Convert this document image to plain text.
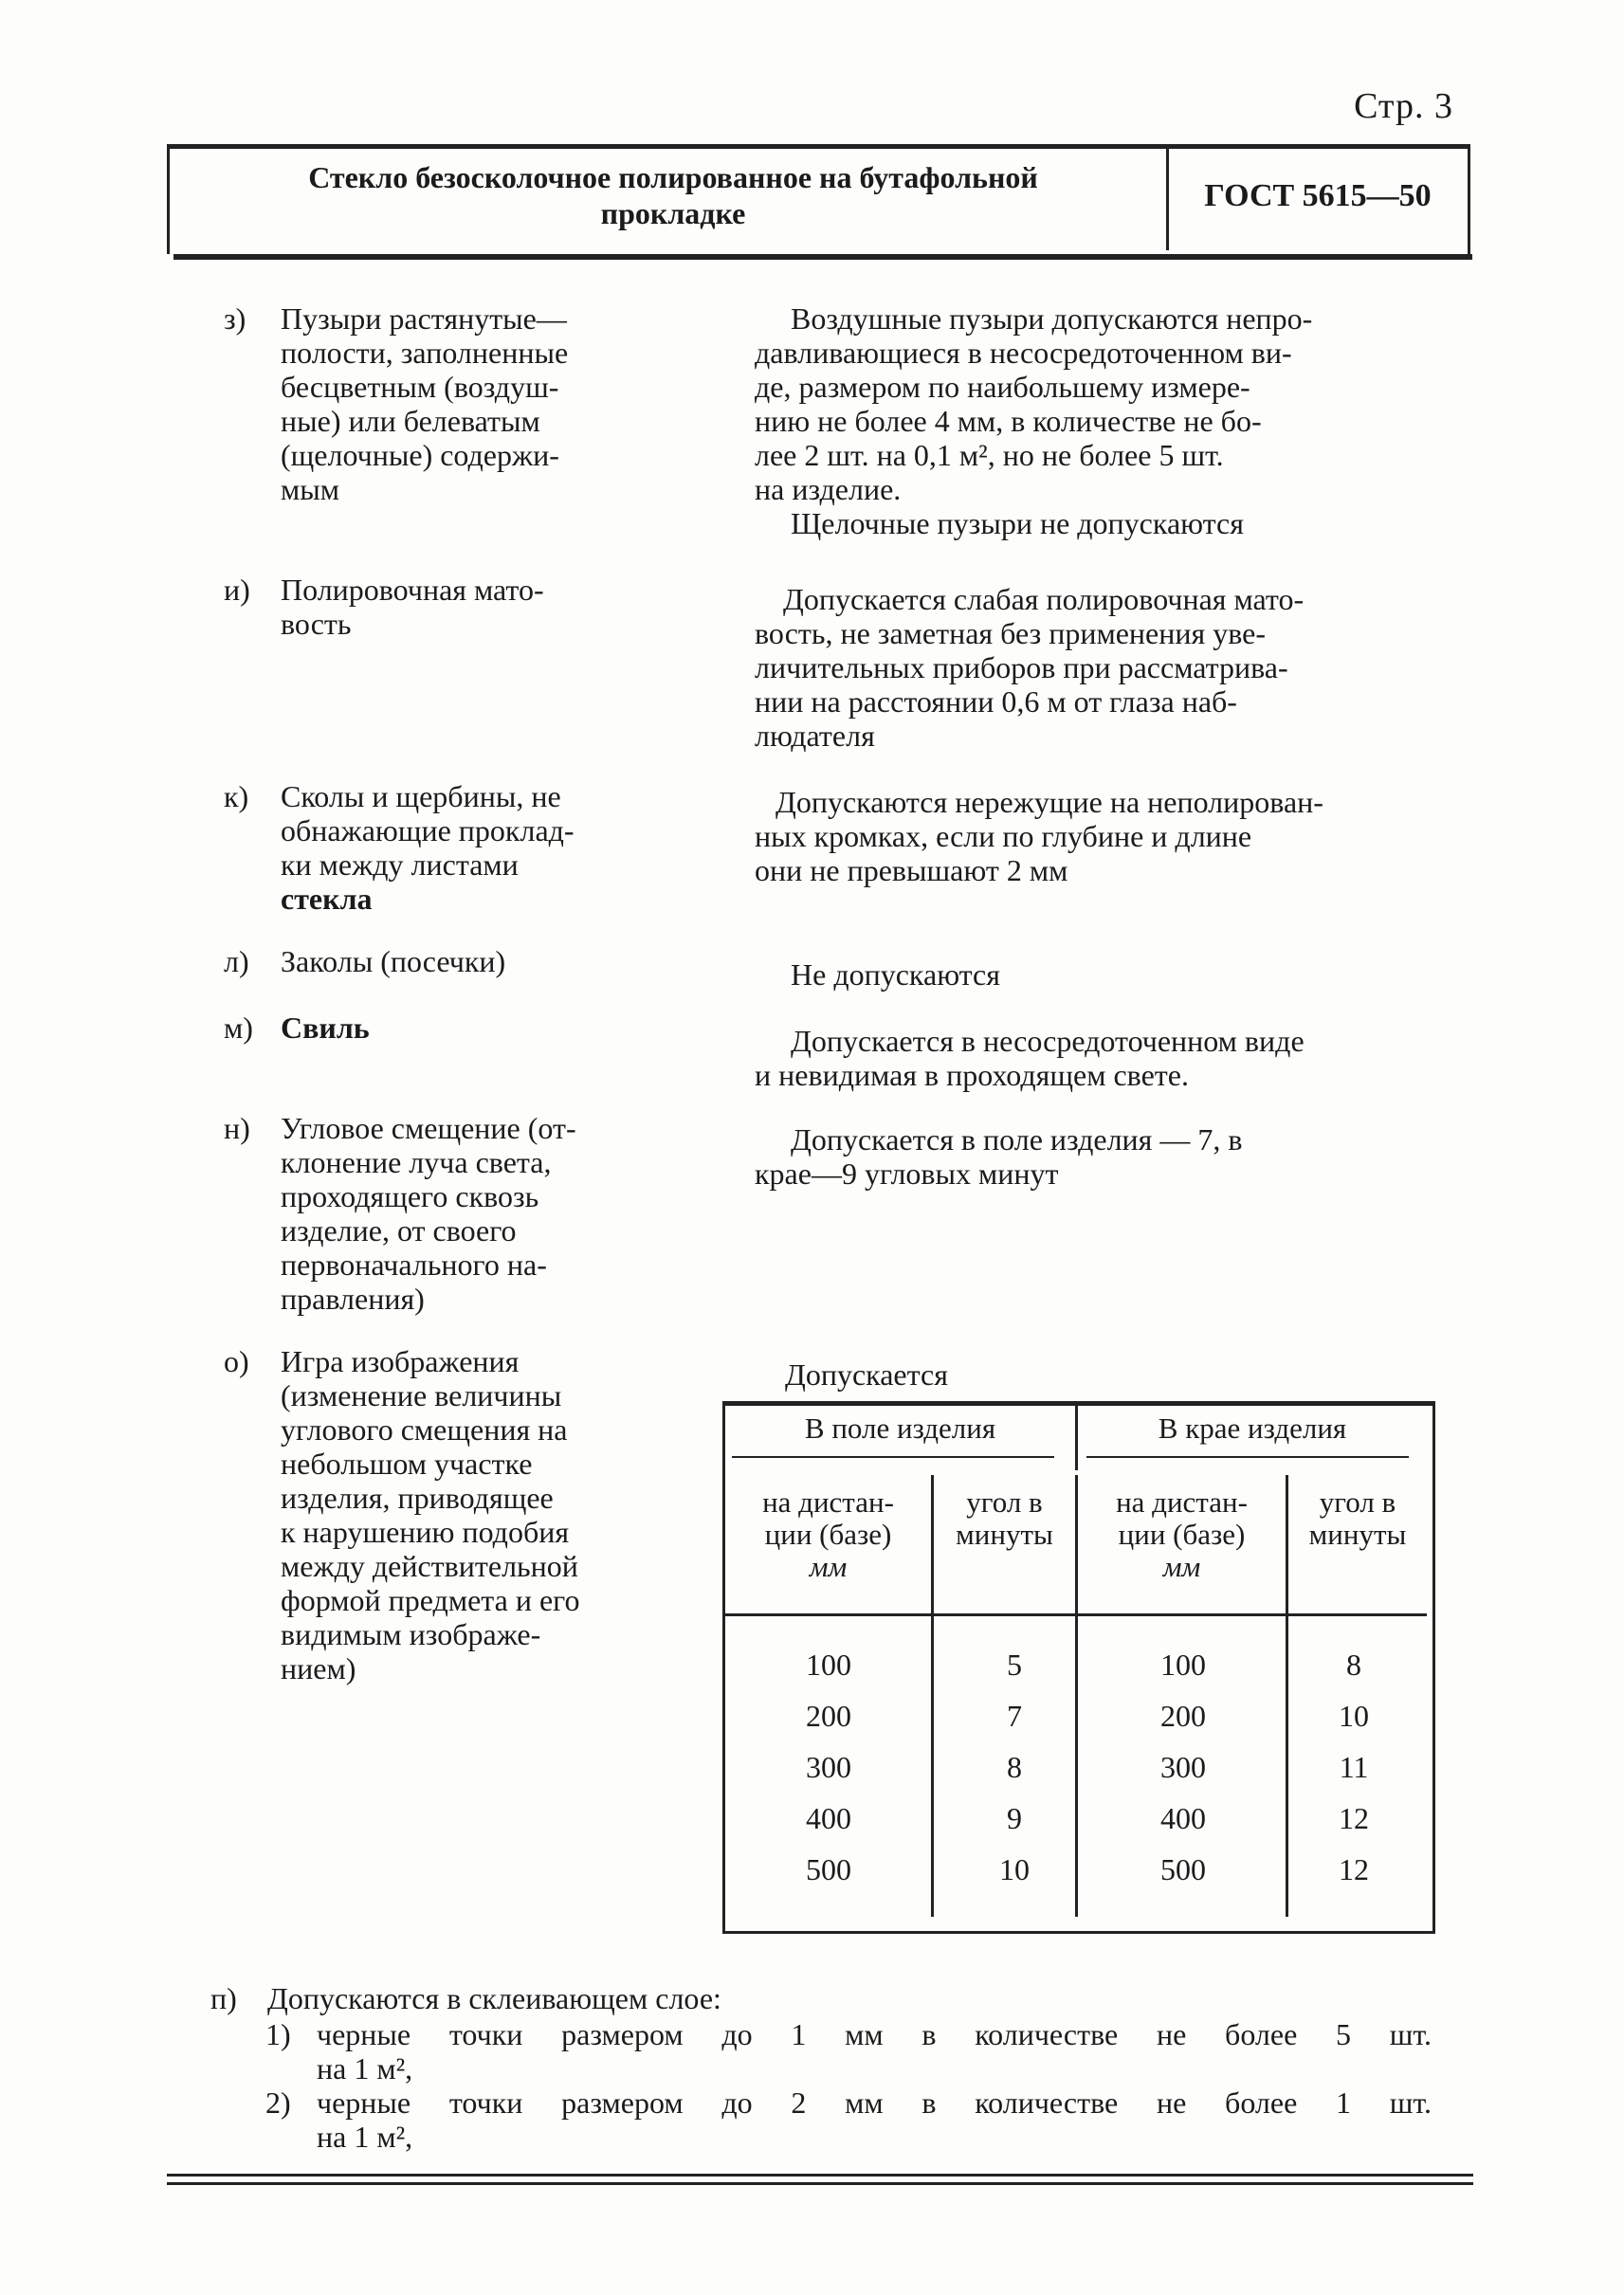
Стр. 3
Стекло безосколочное полированное на бутафольной
прокладке	ГОСТ 5615—50
з) Пузыри растянутые—
полости, заполненные
бесцветным (воздуш-
ные) или белеватым
(щелочные) содержи-
мым
Воздушные пузыри допускаются непро-
давливающиеся в несосредоточенном ви-
де, размером по наибольшему измере-
нию не более 4 мм, в количестве не бо-
лее 2 шт. на 0,1 м², но не более 5 шт.
на изделие.
Щелочные пузыри не допускаются
и) Полировочная мато-
вость
Допускается слабая полировочная мато-
вость, не заметная без применения уве-
личительных приборов при рассматрива-
нии на расстоянии 0,6 м от глаза наб-
людателя
к) Сколы и щербины, не
обнажающие проклад-
ки между листами
стекла
Допускаются нережущие на неполирован-
ных кромках, если по глубине и длине
они не превышают 2 мм
л) Заколы (посечки)	Не допускаются
м) Свиль	Допускается в несосредоточенном виде
и невидимая в проходящем свете.
н) Угловое смещение (от-
клонение луча света,
проходящего сквозь
изделие, от своего
первоначального на-
правления)
Допускается в поле изделия — 7, в
крае—9 угловых минут
о) Игра изображения
(изменение величины
углового смещения на
небольшом участке
изделия, приводящее
к нарушению подобия
между действительной
формой предмета и его
видимым изображе-
нием)
Допускается
В поле изделия	В крае изделия
на дистан-
ции (базе)
мм
угол в
минуты
на дистан-
ции (базе)
мм
угол в
минуты
100	5	100	8
200	7	200	10
300	8	300	11
400	9	400	12
500	10	500	12
п) Допускаются в склеивающем слое:
1) черные точки размером до 1 мм в количестве не более 5 шт.
на 1 м²,
2) черные точки размером до 2 мм в количестве не более 1 шт.
на 1 м²,
